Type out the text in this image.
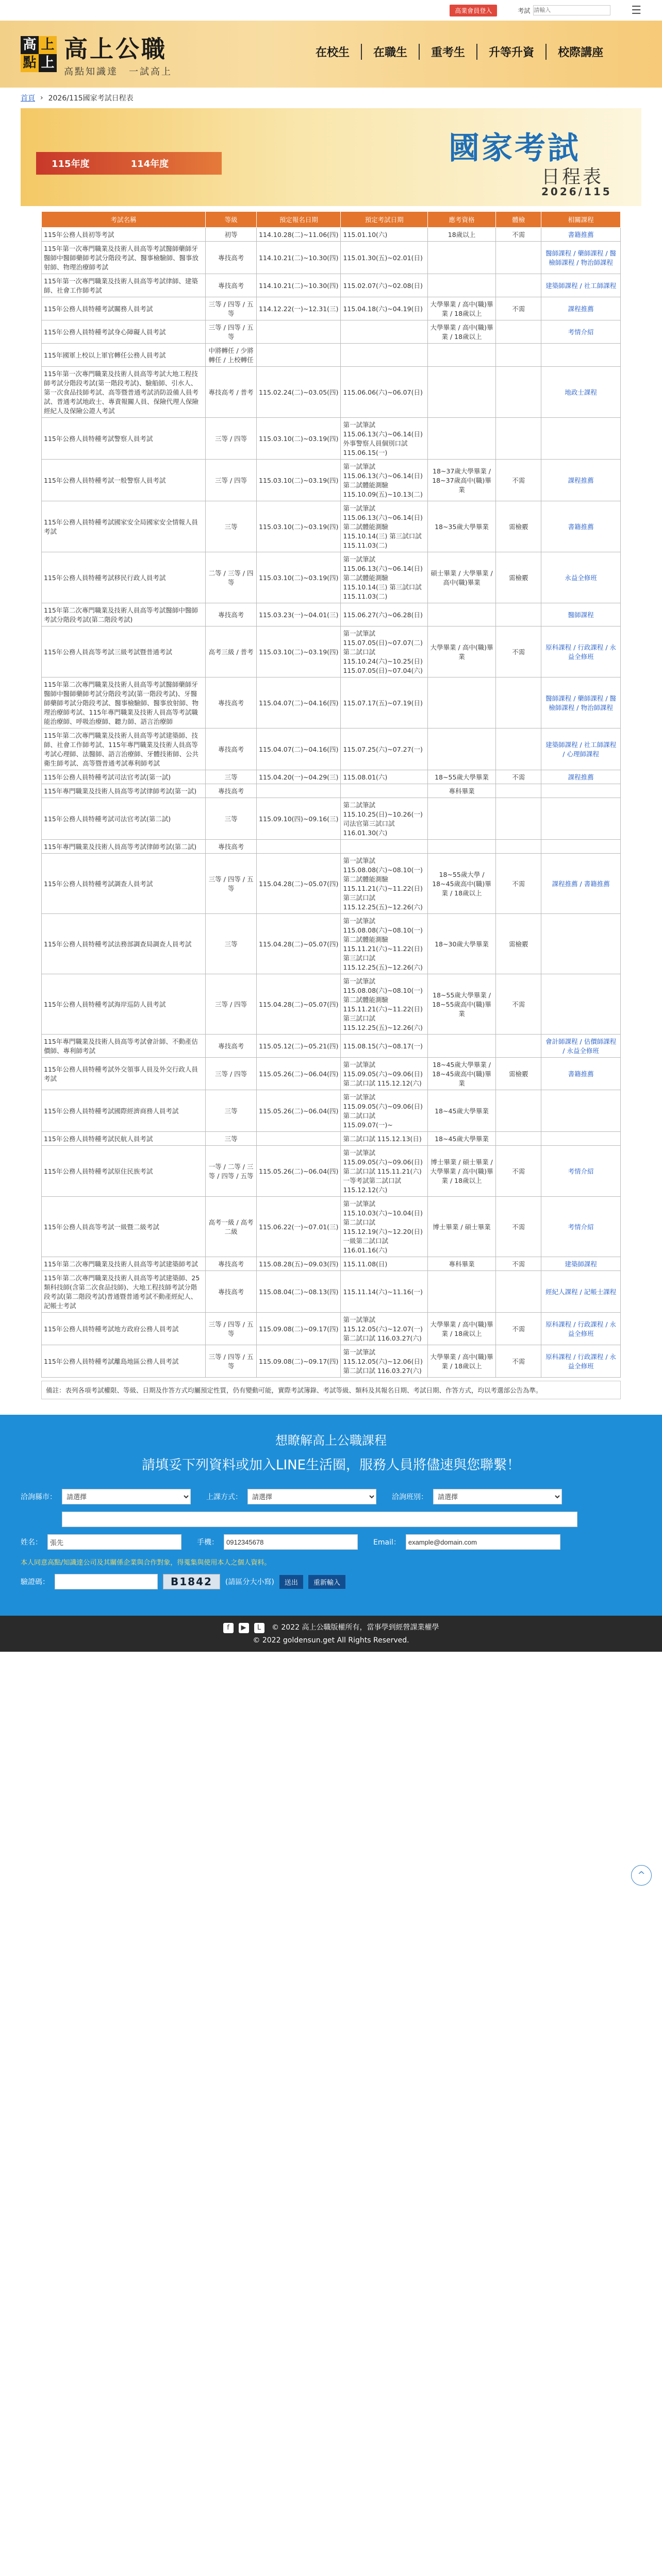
高業會員登入	考試
請輸入	☰
高 上
點 上 高上公職
高點知識達　一試高上
在校生	在職生	重考生	升等升資	校際講座
首頁 › 2026/115國家考試日程表
115年度	114年度	國家考試
日程表
2026/115
考試名稱	等級	預定報名日期	預定考試日期	應考資格	體檢	相關課程
115年公務人員初等考試	初等	114.10.28(二)~11.06(四)	115.01.10(六)	18歲以上	不需	書籍推薦
115年第一次專門職業及技術人員高等考試醫師藥師牙醫師中醫師藥師考試分階段考試、醫事檢驗師、醫事放射師、物理治療師考試	專技高考	114.10.21(二)~10.30(四)	115.01.30(五)~02.01(日)			醫師課程 / 藥師課程 / 醫檢師課程 / 物治師課程
115年第一次專門職業及技術人員高等考試律師、建築師、社會工作師考試	專技高考	114.10.21(二)~10.30(四)	115.02.07(六)~02.08(日)			建築師課程 / 社工師課程
115年公務人員特種考試關務人員考試	三等 / 四等 / 五等	114.12.22(一)~12.31(三)	115.04.18(六)~04.19(日)	大學畢業 / 高中(職)畢業 / 18歲以上	不需	課程推薦
115年公務人員特種考試身心障礙人員考試	三等 / 四等 / 五等			大學畢業 / 高中(職)畢業 / 18歲以上		考情介紹
115年國軍上校以上軍官轉任公務人員考試	中將轉任 / 少將轉任 / 上校轉任					
115年第一次專門職業及技術人員高等考試大地工程技師考試分階段考試(第一階段考試)、驗船師、引水人、第一次食品技師考試、高等暨普通考試消防設備人員考試、普通考試地政士、專責報關人員、保險代理人保險經紀人及保險公證人考試	專技高考 / 普考	115.02.24(二)~03.05(四)	115.06.06(六)~06.07(日)			地政士課程
115年公務人員特種考試警察人員考試	三等 / 四等	115.03.10(二)~03.19(四)	第一試筆試 115.06.13(六)~06.14(日) 外事警察人員個別口試 115.06.15(一)			
115年公務人員特種考試一般警察人員考試	三等 / 四等	115.03.10(二)~03.19(四)	第一試筆試 115.06.13(六)~06.14(日) 第二試體能測驗 115.10.09(五)~10.13(二)	18~37歲大學畢業 / 18~37歲高中(職)畢業	不需	課程推薦
115年公務人員特種考試國家安全局國家安全情報人員考試	三等	115.03.10(二)~03.19(四)	第一試筆試 115.06.13(六)~06.14(日) 第二試體能測驗 115.10.14(三) 第三試口試 115.11.03(二)	18~35歲大學畢業	需檢覈	書籍推薦
115年公務人員特種考試移民行政人員考試	二等 / 三等 / 四等	115.03.10(二)~03.19(四)	第一試筆試 115.06.13(六)~06.14(日) 第二試體能測驗 115.10.14(三) 第三試口試 115.11.03(二)	碩士畢業 / 大學畢業 / 高中(職)畢業	需檢覈	永益全修班
115年第二次專門職業及技術人員高等考試醫師中醫師考試分階段考試(第二階段考試)	專技高考	115.03.23(一)~04.01(三)	115.06.27(六)~06.28(日)			醫師課程
115年公務人員高等考試三級考試暨普通考試	高考三級 / 普考	115.03.10(二)~03.19(四)	第一試筆試 115.07.05(日)~07.07(二) 第二試口試 115.10.24(六)~10.25(日) 115.07.05(日)~07.04(六)	大學畢業 / 高中(職)畢業	不需	原科課程 / 行政課程 / 永益全修班
115年第二次專門職業及技術人員高等考試醫師藥師牙醫師中醫師藥師考試分階段考試(第一階段考試)、牙醫師藥師考試分階段考試、醫事檢驗師、醫事放射師、物理治療師考試、115年專門職業及技術人員高等考試職能治療師、呼吸治療師、聽力師、語言治療師	專技高考	115.04.07(二)~04.16(四)	115.07.17(五)~07.19(日)			醫師課程 / 藥師課程 / 醫檢師課程 / 物治師課程
115年第二次專門職業及技術人員高等考試建築師、技師、社會工作師考試、115年專門職業及技術人員高等考試心理師、法醫師、語言治療師、牙體技術師、公共衛生師考試、高等暨普通考試專利師考試	專技高考	115.04.07(二)~04.16(四)	115.07.25(六)~07.27(一)			建築師課程 / 社工師課程 / 心理師課程
115年公務人員特種考試司法官考試(第一試)	三等	115.04.20(一)~04.29(三)	115.08.01(六)	18~55歲大學畢業	不需	課程推薦
115年專門職業及技術人員高等考試律師考試(第一試)	專技高考			專科畢業		
115年公務人員特種考試司法官考試(第二試)	三等	115.09.10(四)~09.16(三)	第二試筆試 115.10.25(日)~10.26(一) 司法官第三試口試 116.01.30(六)			
115年專門職業及技術人員高等考試律師考試(第二試)	專技高考					
115年公務人員特種考試調查人員考試	三等 / 四等 / 五等	115.04.28(二)~05.07(四)	第一試筆試 115.08.08(六)~08.10(一) 第二試體能測驗 115.11.21(六)~11.22(日) 第三試口試 115.12.25(五)~12.26(六)	18~55歲大學 / 18~45歲高中(職)畢業 / 18歲以上	不需	課程推薦 / 書籍推薦
115年公務人員特種考試法務部調查局調查人員考試	三等	115.04.28(二)~05.07(四)	第一試筆試 115.08.08(六)~08.10(一) 第二試體能測驗 115.11.21(六)~11.22(日) 第三試口試 115.12.25(五)~12.26(六)	18~30歲大學畢業	需檢覈	
115年公務人員特種考試海岸巡防人員考試	三等 / 四等	115.04.28(二)~05.07(四)	第一試筆試 115.08.08(六)~08.10(一) 第二試體能測驗 115.11.21(六)~11.22(日) 第三試口試 115.12.25(五)~12.26(六)	18~55歲大學畢業 / 18~55歲高中(職)畢業	不需	
115年專門職業及技術人員高等考試會計師、不動產估價師、專利師考試	專技高考	115.05.12(二)~05.21(四)	115.08.15(六)~08.17(一)			會計師課程 / 估價師課程 / 永益全修班
115年公務人員特種考試外交領事人員及外交行政人員考試	三等 / 四等	115.05.26(二)~06.04(四)	第一試筆試 115.09.05(六)~09.06(日) 第二試口試 115.12.12(六)	18~45歲大學畢業 / 18~45歲高中(職)畢業	需檢覈	書籍推薦
115年公務人員特種考試國際經濟商務人員考試	三等	115.05.26(二)~06.04(四)	第一試筆試 115.09.05(六)~09.06(日) 第二試口試 115.09.07(一)~	18~45歲大學畢業		
115年公務人員特種考試民航人員考試	三等		第二試口試 115.12.13(日)	18~45歲大學畢業		
115年公務人員特種考試原住民族考試	一等 / 二等 / 三等 / 四等 / 五等	115.05.26(二)~06.04(四)	第一試筆試 115.09.05(六)~09.06(日) 第二試口試 115.11.21(六) 一等考試第二試口試 115.12.12(六)	博士畢業 / 碩士畢業 / 大學畢業 / 高中(職)畢業 / 18歲以上	不需	考情介紹
115年公務人員高等考試一級暨二級考試	高考一級 / 高考二級	115.06.22(一)~07.01(三)	第一試筆試 115.10.03(六)~10.04(日) 第二試口試 115.12.19(六)~12.20(日) 一級第二試口試 116.01.16(六)	博士畢業 / 碩士畢業	不需	考情介紹
115年第二次專門職業及技術人員高等考試建築師考試	專技高考	115.08.28(五)~09.03(四)	115.11.08(日)	專科畢業	不需	建築師課程
115年第二次專門職業及技術人員高等考試建築師、25類科技師(含第二次食品技師)、大地工程技師考試分階段考試(第二階段考試)普通暨普通考試不動產經紀人、記帳士考試	專技高考	115.08.04(二)~08.13(四)	115.11.14(六)~11.16(一)			經紀人課程 / 記帳士課程
115年公務人員特種考試地方政府公務人員考試	三等 / 四等 / 五等	115.09.08(二)~09.17(四)	第一試筆試 115.12.05(六)~12.07(一) 第二試口試 116.03.27(六)	大學畢業 / 高中(職)畢業 / 18歲以上	不需	原科課程 / 行政課程 / 永益全修班
115年公務人員特種考試離島地區公務人員考試	三等 / 四等 / 五等	115.09.08(二)~09.17(四)	第一試筆試 115.12.05(六)~12.06(日) 第二試口試 116.03.27(六)	大學畢業 / 高中(職)畢業 / 18歲以上	不需	原科課程 / 行政課程 / 永益全修班
備註：表列各項考試權限、等級、日期及作答方式均屬預定性質，仍有變動可能，實際考試簿錄、考試等級、類科及其報名日期、考試日期、作答方式，均以考選部公告為準。
想瞭解高上公職課程
請填妥下列資料或加入LINE生活圈，服務人員將儘速與您聯繫！
洽詢縣市：
請選擇	上課方式：
請選擇	洽詢班別：
請選擇
姓名：
張先	手機：
0912345678	Email：
example@domain.com
本人同意高點/知識達公司及其關係企業與合作對象，得蒐集與使用本人之個人資料。
驗證碼：	B1842	(請區分大小寫)	送出	重新輸入
f	▶	L	© 2022 高上公職版權所有，當事學到經營課業權學
© 2022 goldensun.get All Rights Reserved.
^
